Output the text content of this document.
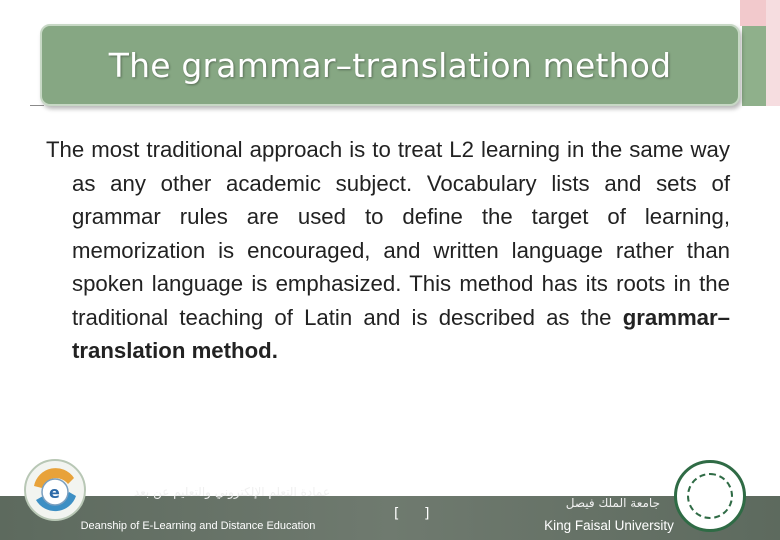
The grammar–translation method

The most traditional approach is to treat L2 learning in the same way as any other academic subject. Vocabulary lists and sets of grammar rules are used to define the target of learning, memorization is encouraged, and written language rather than spoken language is emphasized. This method has its roots in the traditional teaching of Latin and is described as the grammar–translation method.

e	عمادة التعلم الإلكتروني والتعليم عن بعد
Deanship of E-Learning and Distance Education
[ ]
جامعة الملك فيصل
King Faisal University
